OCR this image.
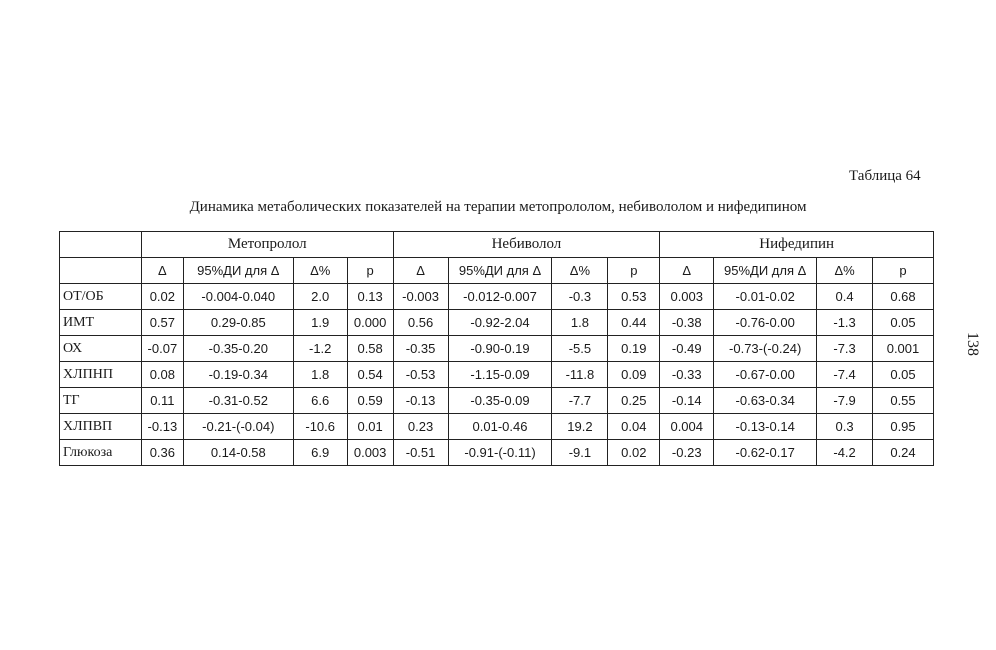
Таблица 64
Динамика метаболических показателей на терапии метопрололом, небивололом и нифедипином
138
	Метопролол				Небиволол				Нифедипин			
	Δ	95%ДИ для Δ	Δ%	p	Δ	95%ДИ для Δ	Δ%	p	Δ	95%ДИ для Δ	Δ%	p
ОТ/ОБ	0.02	-0.004-0.040	2.0	0.13	-0.003	-0.012-0.007	-0.3	0.53	0.003	-0.01-0.02	0.4	0.68
ИМТ	0.57	0.29-0.85	1.9	0.000	0.56	-0.92-2.04	1.8	0.44	-0.38	-0.76-0.00	-1.3	0.05
ОХ	-0.07	-0.35-0.20	-1.2	0.58	-0.35	-0.90-0.19	-5.5	0.19	-0.49	-0.73-(-0.24)	-7.3	0.001
ХЛПНП	0.08	-0.19-0.34	1.8	0.54	-0.53	-1.15-0.09	-11.8	0.09	-0.33	-0.67-0.00	-7.4	0.05
ТГ	0.11	-0.31-0.52	6.6	0.59	-0.13	-0.35-0.09	-7.7	0.25	-0.14	-0.63-0.34	-7.9	0.55
ХЛПВП	-0.13	-0.21-(-0.04)	-10.6	0.01	0.23	0.01-0.46	19.2	0.04	0.004	-0.13-0.14	0.3	0.95
Глюкоза	0.36	0.14-0.58	6.9	0.003	-0.51	-0.91-(-0.11)	-9.1	0.02	-0.23	-0.62-0.17	-4.2	0.24
